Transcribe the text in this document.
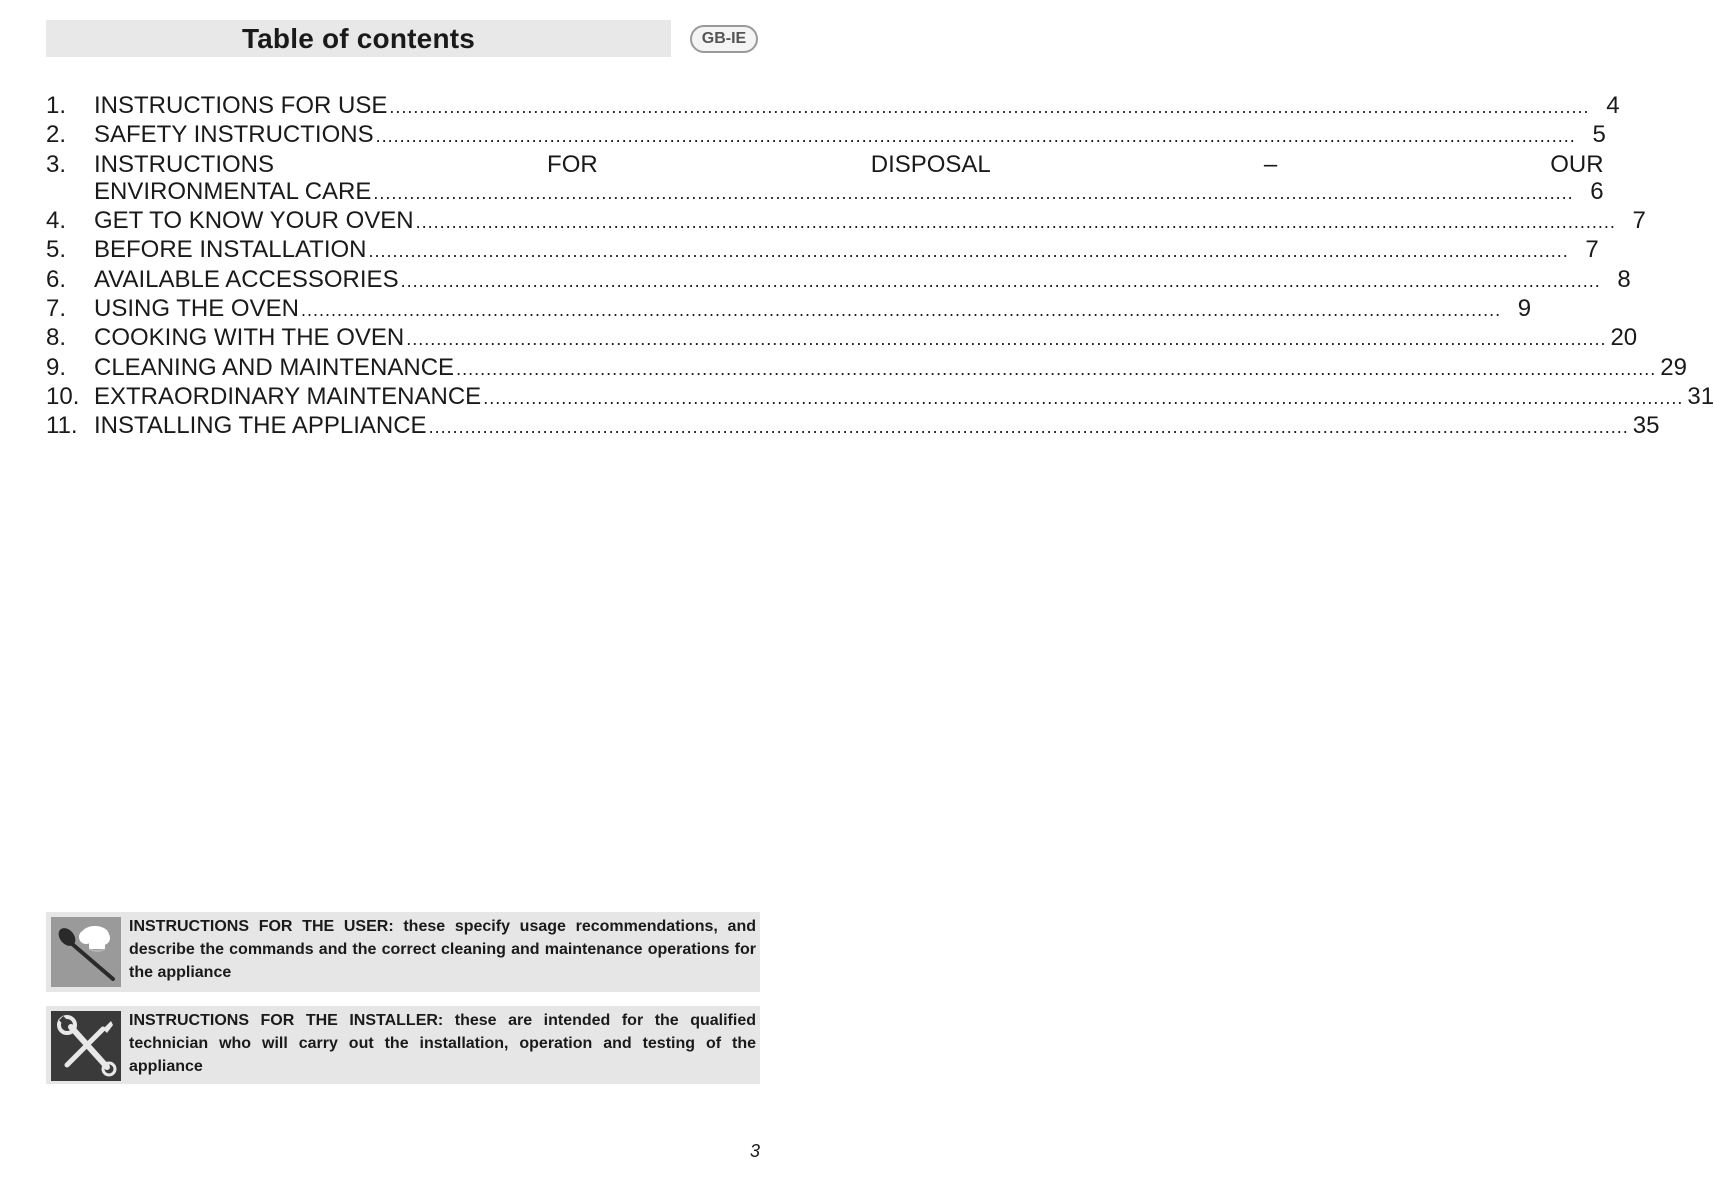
Table of contents	GB-IE
1.	INSTRUCTIONS FOR USE ........................................................................................................................................................................................................ 4
2.	SAFETY INSTRUCTIONS ........................................................................................................................................................................................................ 5
3.	INSTRUCTIONS	FOR	DISPOSAL	–	OUR
ENVIRONMENTAL CARE ........................................................................................................................................................................................................ 6
4.	GET TO KNOW YOUR OVEN ........................................................................................................................................................................................................ 7
5.	BEFORE INSTALLATION ........................................................................................................................................................................................................ 7
6.	AVAILABLE ACCESSORIES ........................................................................................................................................................................................................ 8
7.	USING THE OVEN ........................................................................................................................................................................................................ 9
8.	COOKING WITH THE OVEN ........................................................................................................................................................................................................ 20
9.	CLEANING AND MAINTENANCE ........................................................................................................................................................................................................ 29
10. EXTRAORDINARY MAINTENANCE ........................................................................................................................................................................................................ 31
11. INSTALLING THE APPLIANCE ........................................................................................................................................................................................................ 35
INSTRUCTIONS FOR THE USER: these specify usage recommendations, and describe the commands and the correct cleaning and maintenance operations for the appliance
INSTRUCTIONS FOR THE INSTALLER: these are intended for the qualified technician who will carry out the installation, operation and testing of the appliance
3
